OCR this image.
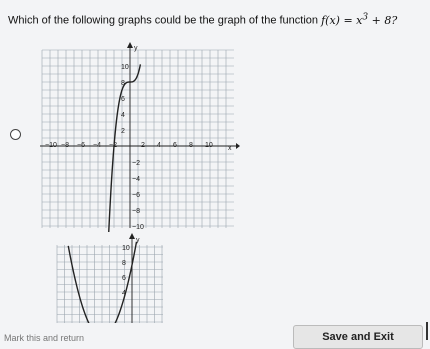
Which of the following graphs could be the graph of the function $f(x) = x^3 + 8$?
x
y
−10 −8 −6 −4 −2	2 4 6 8 10
10
8
6
4
2
−2
−4
−6
−8
−10
y
10
8
6
4
Mark this and return	Save and Exit
